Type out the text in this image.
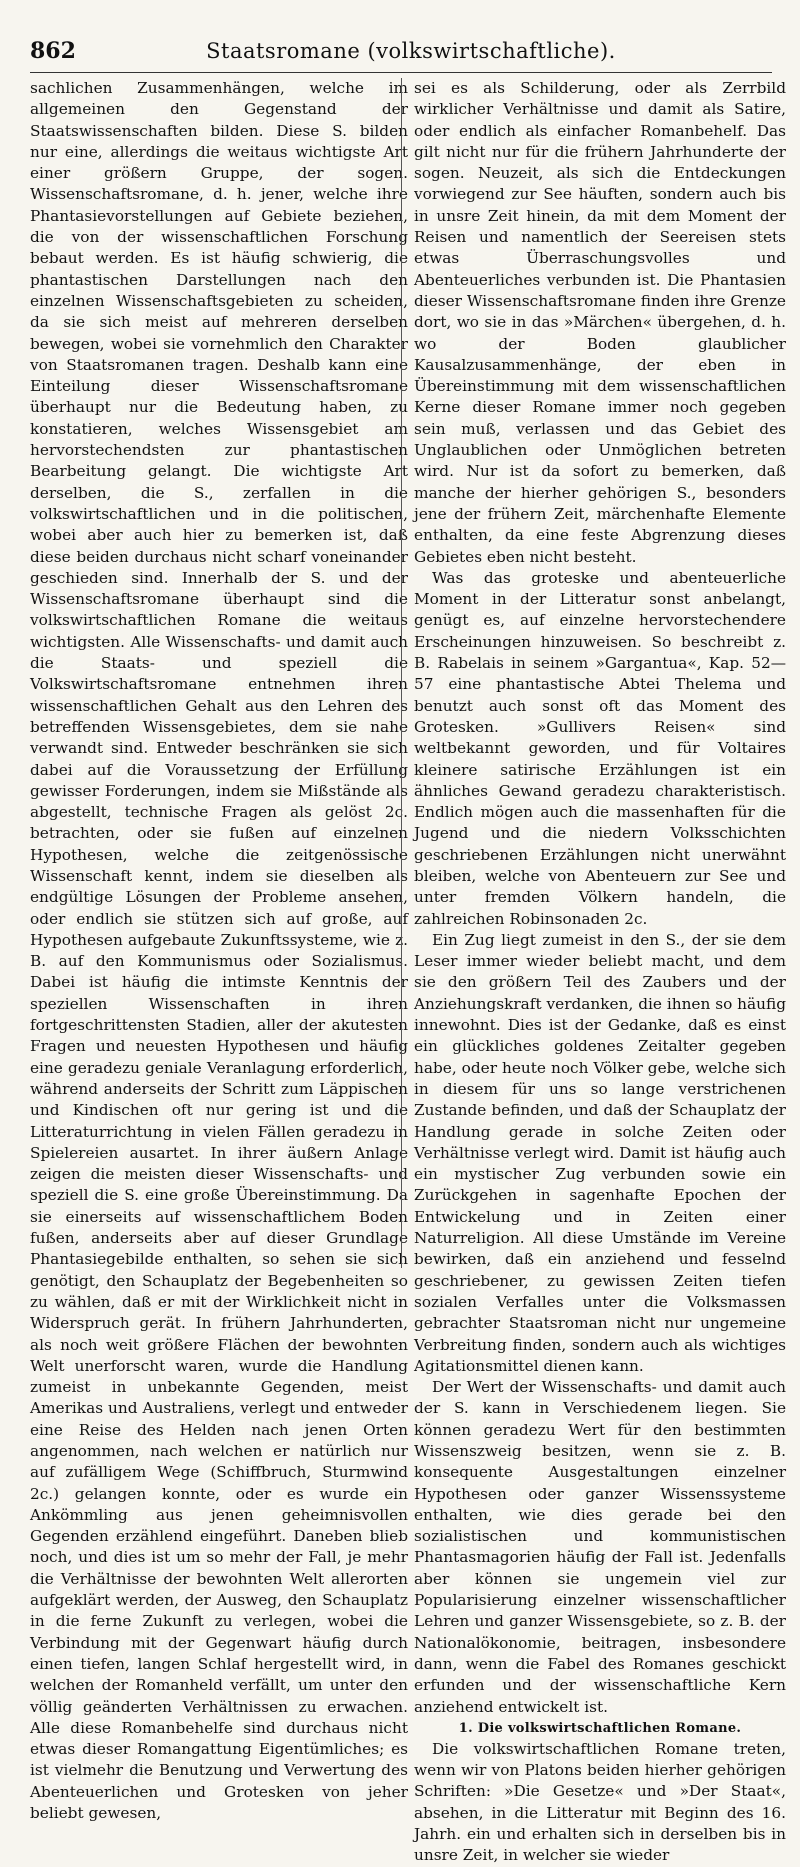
862	Staatsromane (volkswirtschaftliche).

sachlichen Zusammenhängen, welche im allgemeinen den Gegenstand der Staatswissenschaften bilden. Diese S. bilden nur eine, allerdings die weitaus wichtigste Art einer größern Gruppe, der sogen. Wissenschaftsromane, d. h. jener, welche ihre Phantasievorstellungen auf Gebiete beziehen, die von der wissenschaftlichen Forschung bebaut werden. Es ist häufig schwierig, die phantastischen Darstellungen nach den einzelnen Wissenschaftsgebieten zu scheiden, da sie sich meist auf mehreren derselben bewegen, wobei sie vornehmlich den Charakter von Staatsromanen tragen. Deshalb kann eine Einteilung dieser Wissenschaftsromane überhaupt nur die Bedeutung haben, zu konstatieren, welches Wissensgebiet am hervorstechendsten zur phantastischen Bearbeitung gelangt. Die wichtigste Art derselben, die S., zerfallen in die volkswirtschaftlichen und in die politischen, wobei aber auch hier zu bemerken ist, daß diese beiden durchaus nicht scharf voneinander geschieden sind. Innerhalb der S. und der Wissenschaftsromane überhaupt sind die volkswirtschaftlichen Romane die weitaus wichtigsten. Alle Wissenschafts- und damit auch die Staats- und speziell die Volkswirtschaftsromane entnehmen ihren wissenschaftlichen Gehalt aus den Lehren des betreffenden Wissensgebietes, dem sie nahe verwandt sind. Entweder beschränken sie sich dabei auf die Voraussetzung der Erfüllung gewisser Forderungen, indem sie Mißstände als abgestellt, technische Fragen als gelöst 2c. betrachten, oder sie fußen auf einzelnen Hypothesen, welche die zeitgenössische Wissenschaft kennt, indem sie dieselben als endgültige Lösungen der Probleme ansehen, oder endlich sie stützen sich auf große, auf Hypothesen aufgebaute Zukunftssysteme, wie z. B. auf den Kommunismus oder Sozialismus. Dabei ist häufig die intimste Kenntnis der speziellen Wissenschaften in ihren fortgeschrittensten Stadien, aller der akutesten Fragen und neuesten Hypothesen und häufig eine geradezu geniale Veranlagung erforderlich, während anderseits der Schritt zum Läppischen und Kindischen oft nur gering ist und die Litteraturrichtung in vielen Fällen geradezu in Spielereien ausartet. In ihrer äußern Anlage zeigen die meisten dieser Wissenschafts- und speziell die S. eine große Übereinstimmung. Da sie einerseits auf wissenschaftlichem Boden fußen, anderseits aber auf dieser Grundlage Phantasiegebilde enthalten, so sehen sie sich genötigt, den Schauplatz der Begebenheiten so zu wählen, daß er mit der Wirklichkeit nicht in Widerspruch gerät. In frühern Jahrhunderten, als noch weit größere Flächen der bewohnten Welt unerforscht waren, wurde die Handlung zumeist in unbekannte Gegenden, meist Amerikas und Australiens, verlegt und entweder eine Reise des Helden nach jenen Orten angenommen, nach welchen er natürlich nur auf zufälligem Wege (Schiffbruch, Sturmwind 2c.) gelangen konnte, oder es wurde ein Ankömmling aus jenen geheimnisvollen Gegenden erzählend eingeführt. Daneben blieb noch, und dies ist um so mehr der Fall, je mehr die Verhältnisse der bewohnten Welt allerorten aufgeklärt werden, der Ausweg, den Schauplatz in die ferne Zukunft zu verlegen, wobei die Verbindung mit der Gegenwart häufig durch einen tiefen, langen Schlaf hergestellt wird, in welchen der Romanheld verfällt, um unter den völlig geänderten Verhältnissen zu erwachen. Alle diese Romanbehelfe sind durchaus nicht etwas dieser Romangattung Eigentümliches; es ist vielmehr die Benutzung und Verwertung des Abenteuerlichen und Grotesken von jeher beliebt gewesen,

sei es als Schilderung, oder als Zerrbild wirklicher Verhältnisse und damit als Satire, oder endlich als einfacher Romanbehelf. Das gilt nicht nur für die frühern Jahrhunderte der sogen. Neuzeit, als sich die Entdeckungen vorwiegend zur See häuften, sondern auch bis in unsre Zeit hinein, da mit dem Moment der Reisen und namentlich der Seereisen stets etwas Überraschungsvolles und Abenteuerliches verbunden ist. Die Phantasien dieser Wissenschaftsromane finden ihre Grenze dort, wo sie in das »Märchen« übergehen, d. h. wo der Boden glaublicher Kausalzusammenhänge, der eben in Übereinstimmung mit dem wissenschaftlichen Kerne dieser Romane immer noch gegeben sein muß, verlassen und das Gebiet des Unglaublichen oder Unmöglichen betreten wird. Nur ist da sofort zu bemerken, daß manche der hierher gehörigen S., besonders jene der frühern Zeit, märchenhafte Elemente enthalten, da eine feste Abgrenzung dieses Gebietes eben nicht besteht.

Was das groteske und abenteuerliche Moment in der Litteratur sonst anbelangt, genügt es, auf einzelne hervorstechendere Erscheinungen hinzuweisen. So beschreibt z. B. Rabelais in seinem »Gargantua«, Kap. 52—57 eine phantastische Abtei Thelema und benutzt auch sonst oft das Moment des Grotesken. »Gullivers Reisen« sind weltbekannt geworden, und für Voltaires kleinere satirische Erzählungen ist ein ähnliches Gewand geradezu charakteristisch. Endlich mögen auch die massenhaften für die Jugend und die niedern Volksschichten geschriebenen Erzählungen nicht unerwähnt bleiben, welche von Abenteuern zur See und unter fremden Völkern handeln, die zahlreichen Robinsonaden 2c.

Ein Zug liegt zumeist in den S., der sie dem Leser immer wieder beliebt macht, und dem sie den größern Teil des Zaubers und der Anziehungskraft verdanken, die ihnen so häufig innewohnt. Dies ist der Gedanke, daß es einst ein glückliches goldenes Zeitalter gegeben habe, oder heute noch Völker gebe, welche sich in diesem für uns so lange verstrichenen Zustande befinden, und daß der Schauplatz der Handlung gerade in solche Zeiten oder Verhältnisse verlegt wird. Damit ist häufig auch ein mystischer Zug verbunden sowie ein Zurückgehen in sagenhafte Epochen der Entwickelung und in Zeiten einer Naturreligion. All diese Umstände im Vereine bewirken, daß ein anziehend und fesselnd geschriebener, zu gewissen Zeiten tiefen sozialen Verfalles unter die Volksmassen gebrachter Staatsroman nicht nur ungemeine Verbreitung finden, sondern auch als wichtiges Agitationsmittel dienen kann.

Der Wert der Wissenschafts- und damit auch der S. kann in Verschiedenem liegen. Sie können geradezu Wert für den bestimmten Wissenszweig besitzen, wenn sie z. B. konsequente Ausgestaltungen einzelner Hypothesen oder ganzer Wissenssysteme enthalten, wie dies gerade bei den sozialistischen und kommunistischen Phantasmagorien häufig der Fall ist. Jedenfalls aber können sie ungemein viel zur Popularisierung einzelner wissenschaftlicher Lehren und ganzer Wissensgebiete, so z. B. der Nationalökonomie, beitragen, insbesondere dann, wenn die Fabel des Romanes geschickt erfunden und der wissenschaftliche Kern anziehend entwickelt ist.

1. Die volkswirtschaftlichen Romane.

Die volkswirtschaftlichen Romane treten, wenn wir von Platons beiden hierher gehörigen Schriften: »Die Gesetze« und »Der Staat«, absehen, in die Litteratur mit Beginn des 16. Jahrh. ein und erhalten sich in derselben bis in unsre Zeit, in welcher sie wieder
